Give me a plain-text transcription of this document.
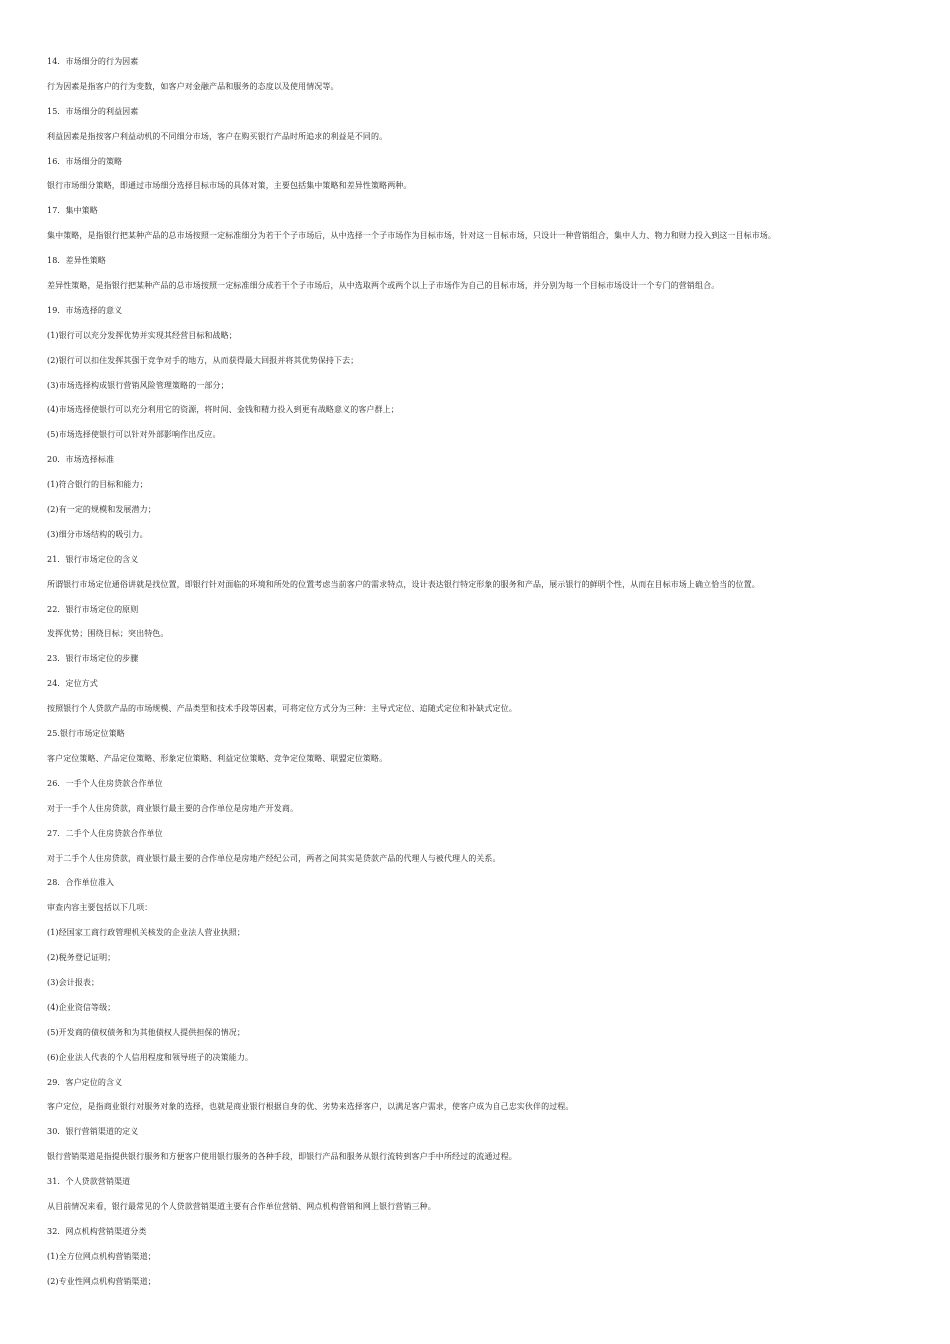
14．市场细分的行为因素
行为因素是指客户的行为变数，如客户对金融产品和服务的态度以及使用情况等。
15．市场细分的利益因素
利益因素是指按客户利益动机的不同细分市场，客户在购买银行产品时所追求的利益是不同的。
16．市场细分的策略
银行市场细分策略，即通过市场细分选择目标市场的具体对策，主要包括集中策略和差异性策略两种。
17．集中策略
集中策略，是指银行把某种产品的总市场按照一定标准细分为若干个子市场后，从中选择一个子市场作为目标市场，针对这一目标市场，只设计一种营销组合，集中人力、物力和财力投入到这一目标市场。
18．差异性策略
差异性策略，是指银行把某种产品的总市场按照一定标准细分成若干个子市场后，从中选取两个或两个以上子市场作为自己的目标市场，并分别为每一个目标市场设计一个专门的营销组合。
19．市场选择的意义
(1)银行可以充分发挥优势并实现其经营目标和战略；
(2)银行可以扣住发挥其强于竞争对手的地方，从而获得最大回报并将其优势保持下去；
(3)市场选择构成银行营销风险管理策略的一部分；
(4)市场选择使银行可以充分利用它的资源，将时间、金钱和精力投入到更有战略意义的客户群上；
(5)市场选择使银行可以针对外部影响作出反应。
20．市场选择标准
(1)符合银行的目标和能力；
(2)有一定的规模和发展潜力；
(3)细分市场结构的吸引力。
21．银行市场定位的含义
所谓银行市场定位通俗讲就是找位置，即银行针对面临的环境和所处的位置考虑当前客户的需求特点，设计表达银行特定形象的服务和产品，展示银行的鲜明个性，从而在目标市场上确立恰当的位置。
22．银行市场定位的原则
发挥优势；围绕目标；突出特色。
23．银行市场定位的步骤
24．定位方式
按照银行个人贷款产品的市场规模、产品类型和技术手段等因素，可将定位方式分为三种：主导式定位、追随式定位和补缺式定位。
25.银行市场定位策略
客户定位策略、产品定位策略、形象定位策略、利益定位策略、竞争定位策略、联盟定位策略。
26．一手个人住房贷款合作单位
对于一手个人住房贷款，商业银行最主要的合作单位是房地产开发商。
27．二手个人住房贷款合作单位
对于二手个人住房贷款，商业银行最主要的合作单位是房地产经纪公司，两者之间其实是贷款产品的代理人与被代理人的关系。
28．合作单位准入
审查内容主要包括以下几项：
(1)经国家工商行政管理机关核发的企业法人营业执照；
(2)税务登记证明；
(3)会计报表；
(4)企业资信等级；
(5)开发商的债权债务和为其他债权人提供担保的情况；
(6)企业法人代表的个人信用程度和领导班子的决策能力。
29．客户定位的含义
客户定位，是指商业银行对服务对象的选择，也就是商业银行根据自身的优、劣势来选择客户，以满足客户需求，使客户成为自己忠实伙伴的过程。
30．银行营销渠道的定义
银行营销渠道是指提供银行服务和方便客户使用银行服务的各种手段，即银行产品和服务从银行流转到客户手中所经过的流通过程。
31．个人贷款营销渠道
从目前情况来看，银行最常见的个人贷款营销渠道主要有合作单位营销、网点机构营销和网上银行营销三种。
32．网点机构营销渠道分类
(1)全方位网点机构营销渠道；
(2)专业性网点机构营销渠道；
